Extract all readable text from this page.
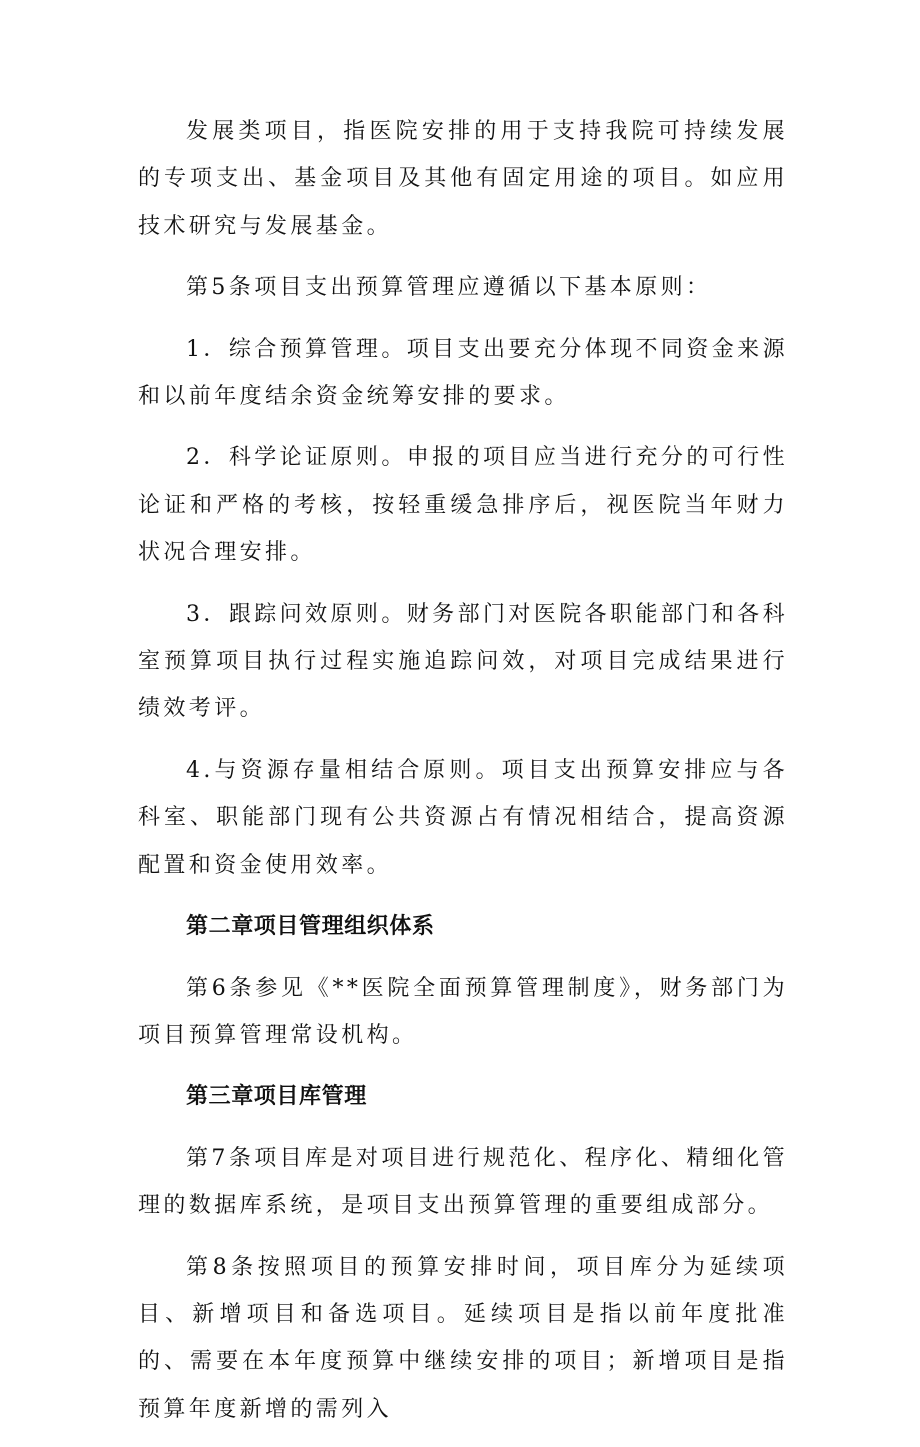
发展类项目，指医院安排的用于支持我院可持续发展的专项支出、基金项目及其他有固定用途的项目。如应用技术研究与发展基金。

第5条项目支出预算管理应遵循以下基本原则：

1．综合预算管理。项目支出要充分体现不同资金来源和以前年度结余资金统筹安排的要求。

2．科学论证原则。申报的项目应当进行充分的可行性论证和严格的考核，按轻重缓急排序后，视医院当年财力状况合理安排。

3．跟踪问效原则。财务部门对医院各职能部门和各科室预算项目执行过程实施追踪问效，对项目完成结果进行绩效考评。

4.与资源存量相结合原则。项目支出预算安排应与各科室、职能部门现有公共资源占有情况相结合，提高资源配置和资金使用效率。

第二章项目管理组织体系

第6条参见《**医院全面预算管理制度》，财务部门为项目预算管理常设机构。

第三章项目库管理

第7条项目库是对项目进行规范化、程序化、精细化管理的数据库系统，是项目支出预算管理的重要组成部分。

第8条按照项目的预算安排时间，项目库分为延续项目、新增项目和备选项目。延续项目是指以前年度批准的、需要在本年度预算中继续安排的项目；新增项目是指预算年度新增的需列入
